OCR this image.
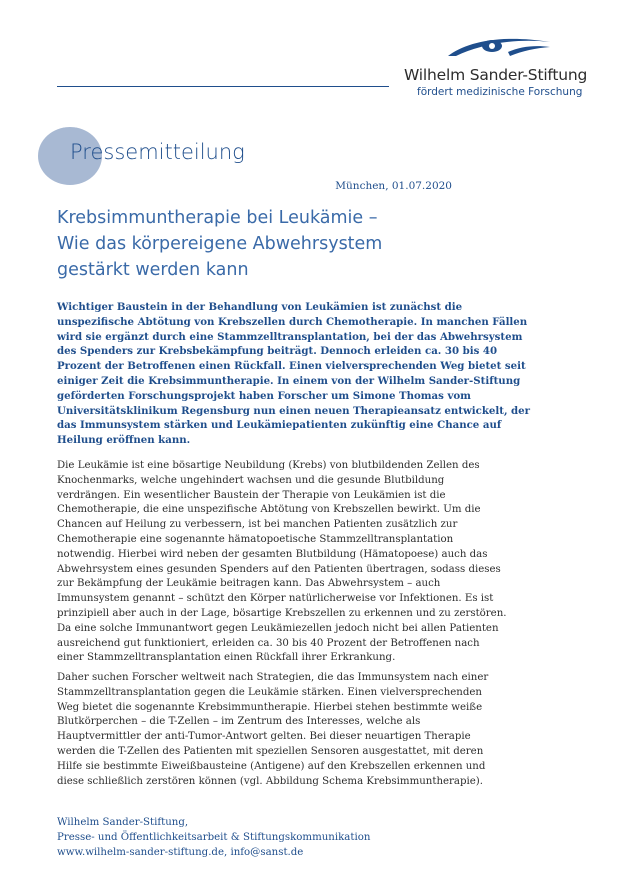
Wilhelm Sander-Stiftung
fördert medizinische Forschung
Pressemitteilung
München, 01.07.2020
Krebsimmuntherapie bei Leukämie –
Wie das körpereigene Abwehrsystem
gestärkt werden kann

Wichtiger Baustein in der Behandlung von Leukämien ist zunächst die
unspezifische Abtötung von Krebszellen durch Chemotherapie. In manchen Fällen
wird sie ergänzt durch eine Stammzelltransplantation, bei der das Abwehrsystem
des Spenders zur Krebsbekämpfung beiträgt. Dennoch erleiden ca. 30 bis 40
Prozent der Betroffenen einen Rückfall. Einen vielversprechenden Weg bietet seit
einiger Zeit die Krebsimmuntherapie. In einem von der Wilhelm Sander-Stiftung
geförderten Forschungsprojekt haben Forscher um Simone Thomas vom
Universitätsklinikum Regensburg nun einen neuen Therapieansatz entwickelt, der
das Immunsystem stärken und Leukämiepatienten zukünftig eine Chance auf
Heilung eröffnen kann.

Die Leukämie ist eine bösartige Neubildung (Krebs) von blutbildenden Zellen des
Knochenmarks, welche ungehindert wachsen und die gesunde Blutbildung
verdrängen. Ein wesentlicher Baustein der Therapie von Leukämien ist die
Chemotherapie, die eine unspezifische Abtötung von Krebszellen bewirkt. Um die
Chancen auf Heilung zu verbessern, ist bei manchen Patienten zusätzlich zur
Chemotherapie eine sogenannte hämatopoetische Stammzelltransplantation
notwendig. Hierbei wird neben der gesamten Blutbildung (Hämatopoese) auch das
Abwehrsystem eines gesunden Spenders auf den Patienten übertragen, sodass dieses
zur Bekämpfung der Leukämie beitragen kann. Das Abwehrsystem – auch
Immunsystem genannt – schützt den Körper natürlicherweise vor Infektionen. Es ist
prinzipiell aber auch in der Lage, bösartige Krebszellen zu erkennen und zu zerstören.
Da eine solche Immunantwort gegen Leukämiezellen jedoch nicht bei allen Patienten
ausreichend gut funktioniert, erleiden ca. 30 bis 40 Prozent der Betroffenen nach
einer Stammzelltransplantation einen Rückfall ihrer Erkrankung.

Daher suchen Forscher weltweit nach Strategien, die das Immunsystem nach einer
Stammzelltransplantation gegen die Leukämie stärken. Einen vielversprechenden
Weg bietet die sogenannte Krebsimmuntherapie. Hierbei stehen bestimmte weiße
Blutkörperchen – die T-Zellen – im Zentrum des Interesses, welche als
Hauptvermittler der anti-Tumor-Antwort gelten. Bei dieser neuartigen Therapie
werden die T-Zellen des Patienten mit speziellen Sensoren ausgestattet, mit deren
Hilfe sie bestimmte Eiweißbausteine (Antigene) auf den Krebszellen erkennen und
diese schließlich zerstören können (vgl. Abbildung Schema Krebsimmuntherapie).

Wilhelm Sander-Stiftung,
Presse- und Öffentlichkeitsarbeit & Stiftungskommunikation
www.wilhelm-sander-stiftung.de, info@sanst.de
